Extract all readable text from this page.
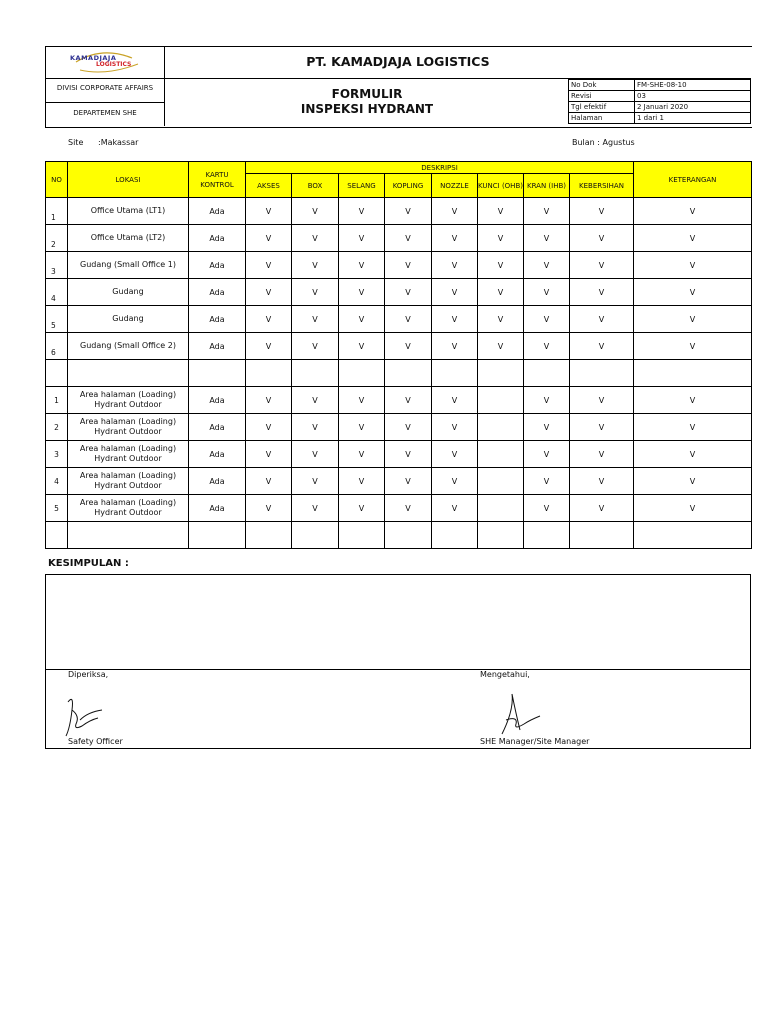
KAMADJAJA
LOGISTICS	PT. KAMADJAJA LOGISTICS
DIVISI CORPORATE AFFAIRS
DEPARTEMEN SHE
FORMULIR
INSPEKSI HYDRANT
No Dok	FM-SHE-08-10
Revisi	03
Tgl efektif	2 Januari 2020
Halaman	1 dari 1
Site :Makassar	Bulan : Agustus
NO	LOKASI	KARTU KONTROL	DESKRIPSI								KETERANGAN
			AKSES	BOX	SELANG	KOPLING	NOZZLE	KUNCI (OHB)	KRAN (IHB)	KEBERSIHAN	
1	Office Utama (LT1)	Ada	V	V	V	V	V	V	V	V	V
2	Office Utama (LT2)	Ada	V	V	V	V	V	V	V	V	V
3	Gudang (Small Office 1)	Ada	V	V	V	V	V	V	V	V	V
4	Gudang	Ada	V	V	V	V	V	V	V	V	V
5	Gudang	Ada	V	V	V	V	V	V	V	V	V
6	Gudang (Small Office 2)	Ada	V	V	V	V	V	V	V	V	V

1	Area halaman (Loading) Hydrant Outdoor	Ada	V	V	V	V	V		V	V	V
2	Area halaman (Loading) Hydrant Outdoor	Ada	V	V	V	V	V		V	V	V
3	Area halaman (Loading) Hydrant Outdoor	Ada	V	V	V	V	V		V	V	V
4	Area halaman (Loading) Hydrant Outdoor	Ada	V	V	V	V	V		V	V	V
5	Area halaman (Loading) Hydrant Outdoor	Ada	V	V	V	V	V		V	V	V

KESIMPULAN :
Diperiksa,
Safety Officer
Mengetahui,
SHE Manager/Site Manager
